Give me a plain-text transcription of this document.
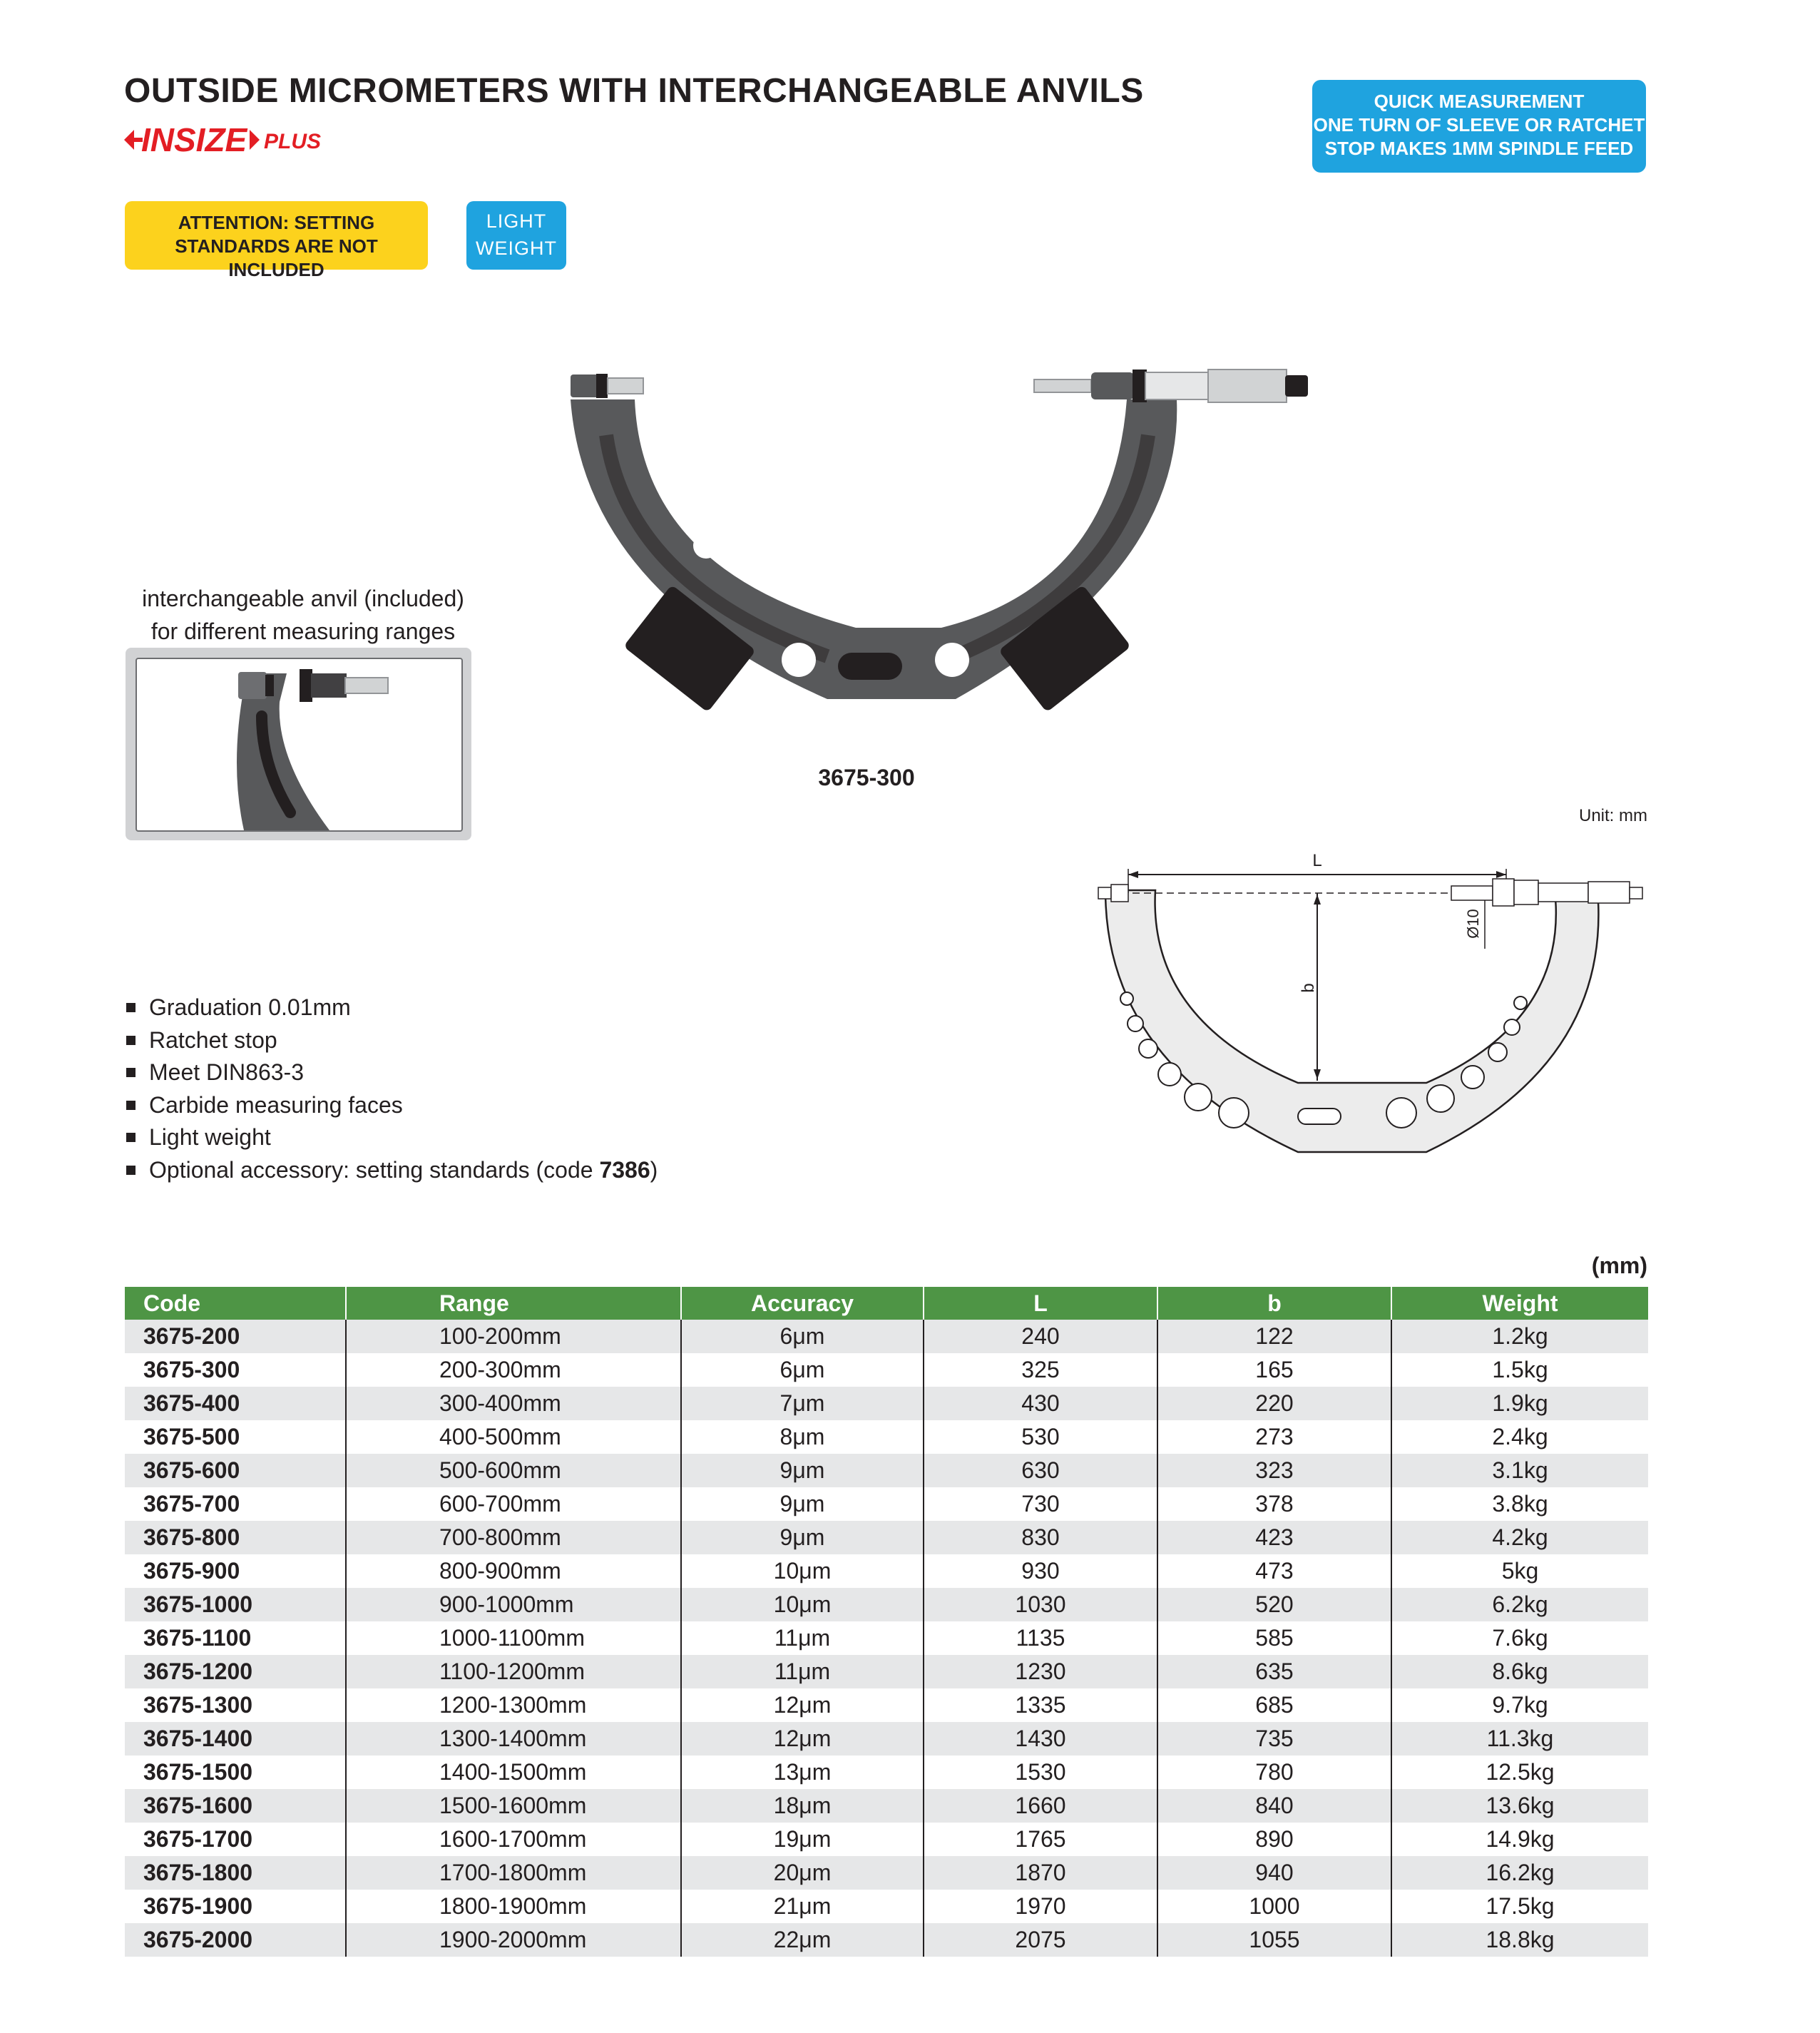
OUTSIDE MICROMETERS WITH INTERCHANGEABLE ANVILS
INSIZE PLUS
QUICK MEASUREMENT
ONE TURN OF SLEEVE OR RATCHET
STOP MAKES 1MM SPINDLE FEED
ATTENTION: SETTING
STANDARDS ARE NOT INCLUDED
LIGHT
WEIGHT
interchangeable anvil (included)
for different measuring ranges
3675-300
Unit: mm
L
b
Ø10
Graduation 0.01mm
Ratchet stop
Meet DIN863-3
Carbide measuring faces
Light weight
Optional accessory: setting standards (code 7386)
(mm)
Code	Range	Accuracy	L	b	Weight
3675-200	100-200mm	6μm	240	122	1.2kg
3675-300	200-300mm	6μm	325	165	1.5kg
3675-400	300-400mm	7μm	430	220	1.9kg
3675-500	400-500mm	8μm	530	273	2.4kg
3675-600	500-600mm	9μm	630	323	3.1kg
3675-700	600-700mm	9μm	730	378	3.8kg
3675-800	700-800mm	9μm	830	423	4.2kg
3675-900	800-900mm	10μm	930	473	5kg
3675-1000	900-1000mm	10μm	1030	520	6.2kg
3675-1100	1000-1100mm	11μm	1135	585	7.6kg
3675-1200	1100-1200mm	11μm	1230	635	8.6kg
3675-1300	1200-1300mm	12μm	1335	685	9.7kg
3675-1400	1300-1400mm	12μm	1430	735	11.3kg
3675-1500	1400-1500mm	13μm	1530	780	12.5kg
3675-1600	1500-1600mm	18μm	1660	840	13.6kg
3675-1700	1600-1700mm	19μm	1765	890	14.9kg
3675-1800	1700-1800mm	20μm	1870	940	16.2kg
3675-1900	1800-1900mm	21μm	1970	1000	17.5kg
3675-2000	1900-2000mm	22μm	2075	1055	18.8kg
